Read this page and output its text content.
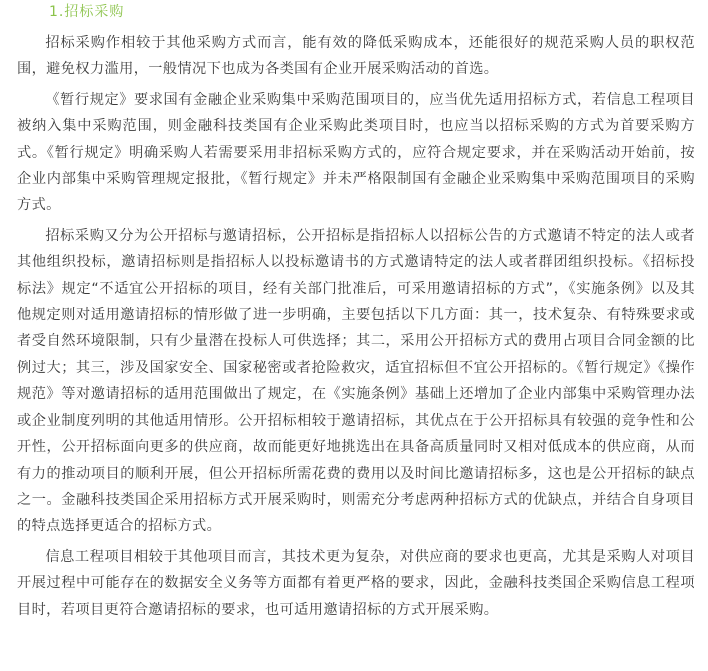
1.招标采购

招标采购作相较于其他采购方式而言，能有效的降低采购成本，还能很好的规范采购人员的职权范围，避免权力滥用，一般情况下也成为各类国有企业开展采购活动的首选。

《暂行规定》要求国有金融企业采购集中采购范围项目的，应当优先适用招标方式，若信息工程项目被纳入集中采购范围，则金融科技类国有企业采购此类项目时，也应当以招标采购的方式为首要采购方式。《暂行规定》明确采购人若需要采用非招标采购方式的，应符合规定要求，并在采购活动开始前，按企业内部集中采购管理规定报批，《暂行规定》并未严格限制国有金融企业采购集中采购范围项目的采购方式。

招标采购又分为公开招标与邀请招标，公开招标是指招标人以招标公告的方式邀请不特定的法人或者其他组织投标，邀请招标则是指招标人以投标邀请书的方式邀请特定的法人或者群团组织投标。《招标投标法》规定“不适宜公开招标的项目，经有关部门批准后，可采用邀请招标的方式”，《实施条例》以及其他规定则对适用邀请招标的情形做了进一步明确，主要包括以下几方面：其一，技术复杂、有特殊要求或者受自然环境限制，只有少量潜在投标人可供选择；其二，采用公开招标方式的费用占项目合同金额的比例过大；其三，涉及国家安全、国家秘密或者抢险救灾，适宜招标但不宜公开招标的。《暂行规定》《操作规范》等对邀请招标的适用范围做出了规定，在《实施条例》基础上还增加了企业内部集中采购管理办法或企业制度列明的其他适用情形。公开招标相较于邀请招标，其优点在于公开招标具有较强的竞争性和公开性，公开招标面向更多的供应商，故而能更好地挑选出在具备高质量同时又相对低成本的供应商，从而有力的推动项目的顺利开展，但公开招标所需花费的费用以及时间比邀请招标多，这也是公开招标的缺点之一。金融科技类国企采用招标方式开展采购时，则需充分考虑两种招标方式的优缺点，并结合自身项目的特点选择更适合的招标方式。

信息工程项目相较于其他项目而言，其技术更为复杂，对供应商的要求也更高，尤其是采购人对项目开展过程中可能存在的数据安全义务等方面都有着更严格的要求，因此，金融科技类国企采购信息工程项目时，若项目更符合邀请招标的要求，也可适用邀请招标的方式开展采购。
